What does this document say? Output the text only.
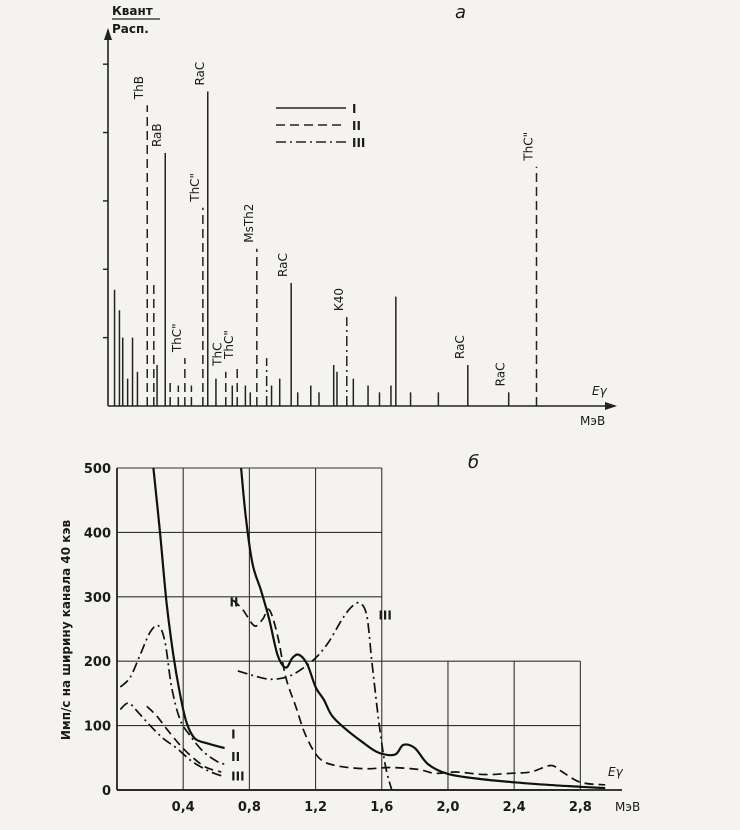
Квант
Расп.
Eγ
МэВ
a
ThB
RaB
RaC
ThC"
ThC"
ThC
ThC"
MsTh2
RaC
K40
RaC
RaC
ThC"
I
II
III
0
100
200
300
400
500
0,4	0,8	1,2	1,6	2,0	2,4	2,8 МэВ
Eγ
Имп/с на ширину канала 40 кэв
б
I
II
III
II
III
